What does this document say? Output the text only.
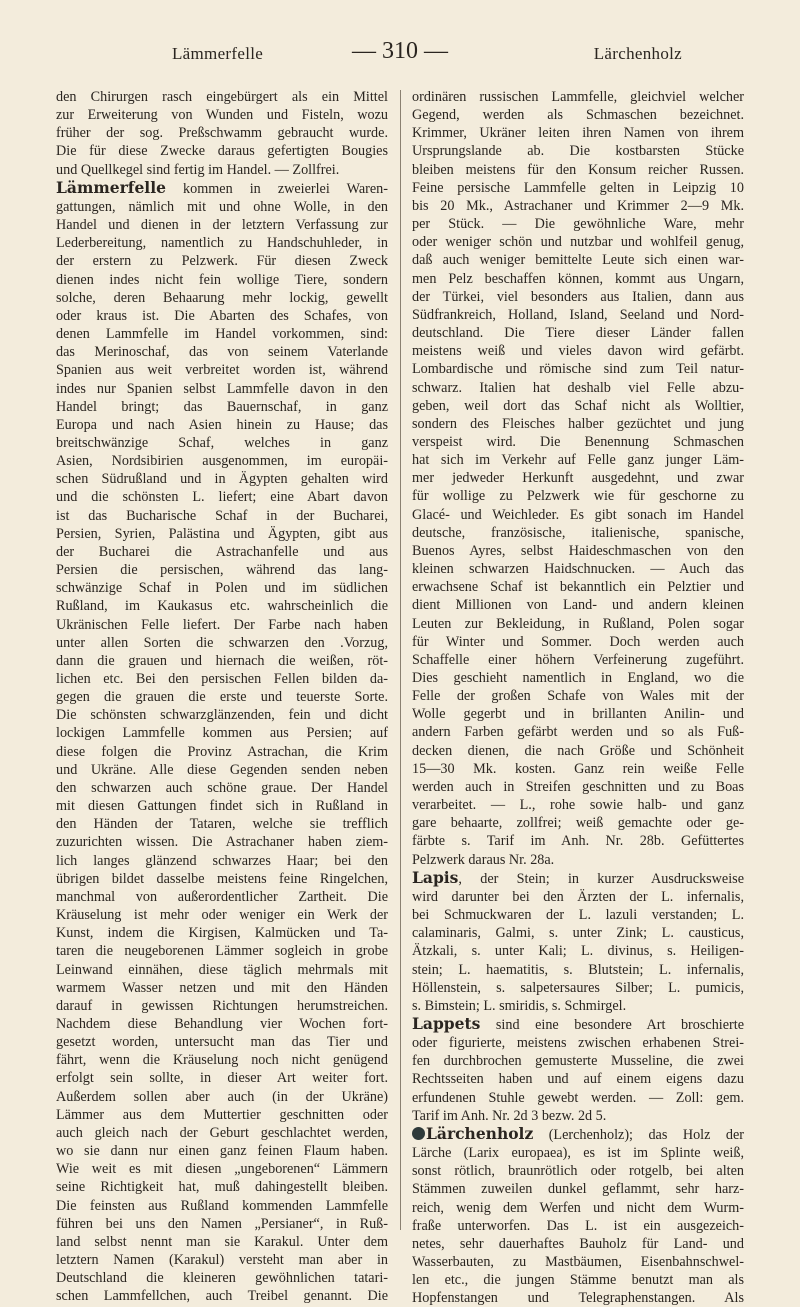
Lämmerfelle	— 310 —	Lärchenholz
den Chirurgen rasch eingebürgert als ein Mittel
zur Erweiterung von Wunden und Fisteln, wozu
früher der sog. Preßschwamm gebraucht wurde.
Die für diese Zwecke daraus gefertigten Bougies
und Quellkegel sind fertig im Handel. — Zollfrei.
Lämmerfelle kommen in zweierlei Waren-
gattungen, nämlich mit und ohne Wolle, in den
Handel und dienen in der letztern Verfassung zur
Lederbereitung, namentlich zu Handschuhleder, in
der erstern zu Pelzwerk. Für diesen Zweck
dienen indes nicht fein wollige Tiere, sondern
solche, deren Behaarung mehr lockig, gewellt
oder kraus ist. Die Abarten des Schafes, von
denen Lammfelle im Handel vorkommen, sind:
das Merinoschaf, das von seinem Vaterlande
Spanien aus weit verbreitet worden ist, während
indes nur Spanien selbst Lammfelle davon in den
Handel bringt; das Bauernschaf, in ganz
Europa und nach Asien hinein zu Hause; das
breitschwänzige Schaf, welches in ganz
Asien, Nordsibirien ausgenommen, im europäi-
schen Südrußland und in Ägypten gehalten wird
und die schönsten L. liefert; eine Abart davon
ist das Bucharische Schaf in der Bucharei,
Persien, Syrien, Palästina und Ägypten, gibt aus
der Bucharei die Astrachanfelle und aus
Persien die persischen, während das lang-
schwänzige Schaf in Polen und im südlichen
Rußland, im Kaukasus etc. wahrscheinlich die
Ukränischen Felle liefert. Der Farbe nach haben
unter allen Sorten die schwarzen den .Vorzug,
dann die grauen und hiernach die weißen, röt-
lichen etc. Bei den persischen Fellen bilden da-
gegen die grauen die erste und teuerste Sorte.
Die schönsten schwarzglänzenden, fein und dicht
lockigen Lammfelle kommen aus Persien; auf
diese folgen die Provinz Astrachan, die Krim
und Ukräne. Alle diese Gegenden senden neben
den schwarzen auch schöne graue. Der Handel
mit diesen Gattungen findet sich in Rußland in
den Händen der Tataren, welche sie trefflich
zuzurichten wissen. Die Astrachaner haben ziem-
lich langes glänzend schwarzes Haar; bei den
übrigen bildet dasselbe meistens feine Ringelchen,
manchmal von außerordentlicher Zartheit. Die
Kräuselung ist mehr oder weniger ein Werk der
Kunst, indem die Kirgisen, Kalmücken und Ta-
taren die neugeborenen Lämmer sogleich in grobe
Leinwand einnähen, diese täglich mehrmals mit
warmem Wasser netzen und mit den Händen
darauf in gewissen Richtungen herumstreichen.
Nachdem diese Behandlung vier Wochen fort-
gesetzt worden, untersucht man das Tier und
fährt, wenn die Kräuselung noch nicht genügend
erfolgt sein sollte, in dieser Art weiter fort.
Außerdem sollen aber auch (in der Ukräne)
Lämmer aus dem Muttertier geschnitten oder
auch gleich nach der Geburt geschlachtet werden,
wo sie dann nur einen ganz feinen Flaum haben.
Wie weit es mit diesen „ungeborenen“ Lämmern
seine Richtigkeit hat, muß dahingestellt bleiben.
Die feinsten aus Rußland kommenden Lammfelle
führen bei uns den Namen „Persianer“, in Ruß-
land selbst nennt man sie Karakul. Unter dem
letztern Namen (Karakul) versteht man aber in
Deutschland die kleineren gewöhnlichen tatari-
schen Lammfellchen, auch Treibel genannt. Die
ordinären russischen Lammfelle, gleichviel welcher
Gegend, werden als Schmaschen bezeichnet.
Krimmer, Ukräner leiten ihren Namen von ihrem
Ursprungslande ab. Die kostbarsten Stücke
bleiben meistens für den Konsum reicher Russen.
Feine persische Lammfelle gelten in Leipzig 10
bis 20 Mk., Astrachaner und Krimmer 2—9 Mk.
per Stück. — Die gewöhnliche Ware, mehr
oder weniger schön und nutzbar und wohlfeil genug,
daß auch weniger bemittelte Leute sich einen war-
men Pelz beschaffen können, kommt aus Ungarn,
der Türkei, viel besonders aus Italien, dann aus
Südfrankreich, Holland, Island, Seeland und Nord-
deutschland. Die Tiere dieser Länder fallen
meistens weiß und vieles davon wird gefärbt.
Lombardische und römische sind zum Teil natur-
schwarz. Italien hat deshalb viel Felle abzu-
geben, weil dort das Schaf nicht als Wolltier,
sondern des Fleisches halber gezüchtet und jung
verspeist wird. Die Benennung Schmaschen
hat sich im Verkehr auf Felle ganz junger Läm-
mer jedweder Herkunft ausgedehnt, und zwar
für wollige zu Pelzwerk wie für geschorne zu
Glacé- und Weichleder. Es gibt sonach im Handel
deutsche, französische, italienische, spanische,
Buenos Ayres, selbst Haideschmaschen von den
kleinen schwarzen Haidschnucken. — Auch das
erwachsene Schaf ist bekanntlich ein Pelztier und
dient Millionen von Land- und andern kleinen
Leuten zur Bekleidung, in Rußland, Polen sogar
für Winter und Sommer. Doch werden auch
Schaffelle einer höhern Verfeinerung zugeführt.
Dies geschieht namentlich in England, wo die
Felle der großen Schafe von Wales mit der
Wolle gegerbt und in brillanten Anilin- und
andern Farben gefärbt werden und so als Fuß-
decken dienen, die nach Größe und Schönheit
15—30 Mk. kosten. Ganz rein weiße Felle
werden auch in Streifen geschnitten und zu Boas
verarbeitet. — L., rohe sowie halb- und ganz
gare behaarte, zollfrei; weiß gemachte oder ge-
färbte s. Tarif im Anh. Nr. 28b. Gefüttertes
Pelzwerk daraus Nr. 28a.
Lapis, der Stein; in kurzer Ausdrucksweise
wird darunter bei den Ärzten der L. infernalis,
bei Schmuckwaren der L. lazuli verstanden; L.
calaminaris, Galmi, s. unter Zink; L. causticus,
Ätzkali, s. unter Kali; L. divinus, s. Heiligen-
stein; L. haematitis, s. Blutstein; L. infernalis,
Höllenstein, s. salpetersaures Silber; L. pumicis,
s. Bimstein; L. smiridis, s. Schmirgel.
Lappets sind eine besondere Art broschierte
oder figurierte, meistens zwischen erhabenen Strei-
fen durchbrochen gemusterte Musseline, die zwei
Rechtsseiten haben und auf einem eigens dazu
erfundenen Stuhle gewebt werden. — Zoll: gem.
Tarif im Anh. Nr. 2d 3 bezw. 2d 5.
Lärchenholz (Lerchenholz); das Holz der
Lärche (Larix europaea), es ist im Splinte weiß,
sonst rötlich, braunrötlich oder rotgelb, bei alten
Stämmen zuweilen dunkel geflammt, sehr harz-
reich, wenig dem Werfen und nicht dem Wurm-
fraße unterworfen. Das L. ist ein ausgezeich-
netes, sehr dauerhaftes Bauholz für Land- und
Wasserbauten, zu Mastbäumen, Eisenbahnschwel-
len etc., die jungen Stämme benutzt man als
Hopfenstangen und Telegraphenstangen. Als
